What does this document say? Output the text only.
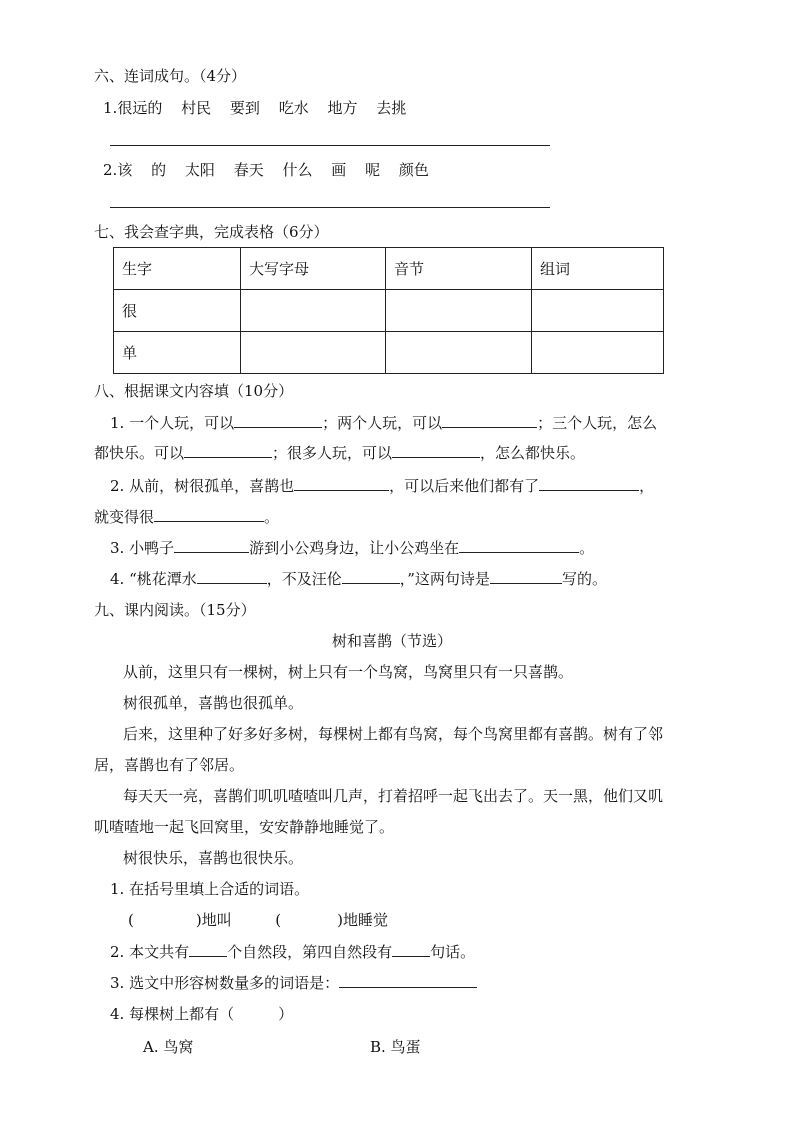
六、连词成句。（4分）
1.很远的 村民 要到 吃水 地方 去挑
2.该 的 太阳 春天 什么 画 呢 颜色
七、我会查字典，完成表格（6分）
生字	大写字母	音节	组词
很			
单			
八、根据课文内容填（10分）
1. 一个人玩，可以	；两个人玩，可以	；三个人玩，怎么
都快乐。可以	；很多人玩，可以	，怎么都快乐。
2. 从前，树很孤单，喜鹊也	，可以后来他们都有了	，
就变得很	。
3. 小鸭子	游到小公鸡身边，让小公鸡坐在	。
4. “桃花潭水	，不及汪伦	，”这两句诗是	写的。
九、课内阅读。（15分）
树和喜鹊（节选）
从前，这里只有一棵树，树上只有一个鸟窝，鸟窝里只有一只喜鹊。
树很孤单，喜鹊也很孤单。
后来，这里种了好多好多树，每棵树上都有鸟窝，每个鸟窝里都有喜鹊。树有了邻
居，喜鹊也有了邻居。
每天天一亮，喜鹊们叽叽喳喳叫几声，打着招呼一起飞出去了。天一黑，他们又叽
叽喳喳地一起飞回窝里，安安静静地睡觉了。
树很快乐，喜鹊也很快乐。
1. 在括号里填上合适的词语。
(	)地叫	(	)地睡觉
2. 本文共有	个自然段，第四自然段有	句话。
3. 选文中形容树数量多的词语是：
4. 每棵树上都有（	）
A. 鸟窝	B. 鸟蛋
